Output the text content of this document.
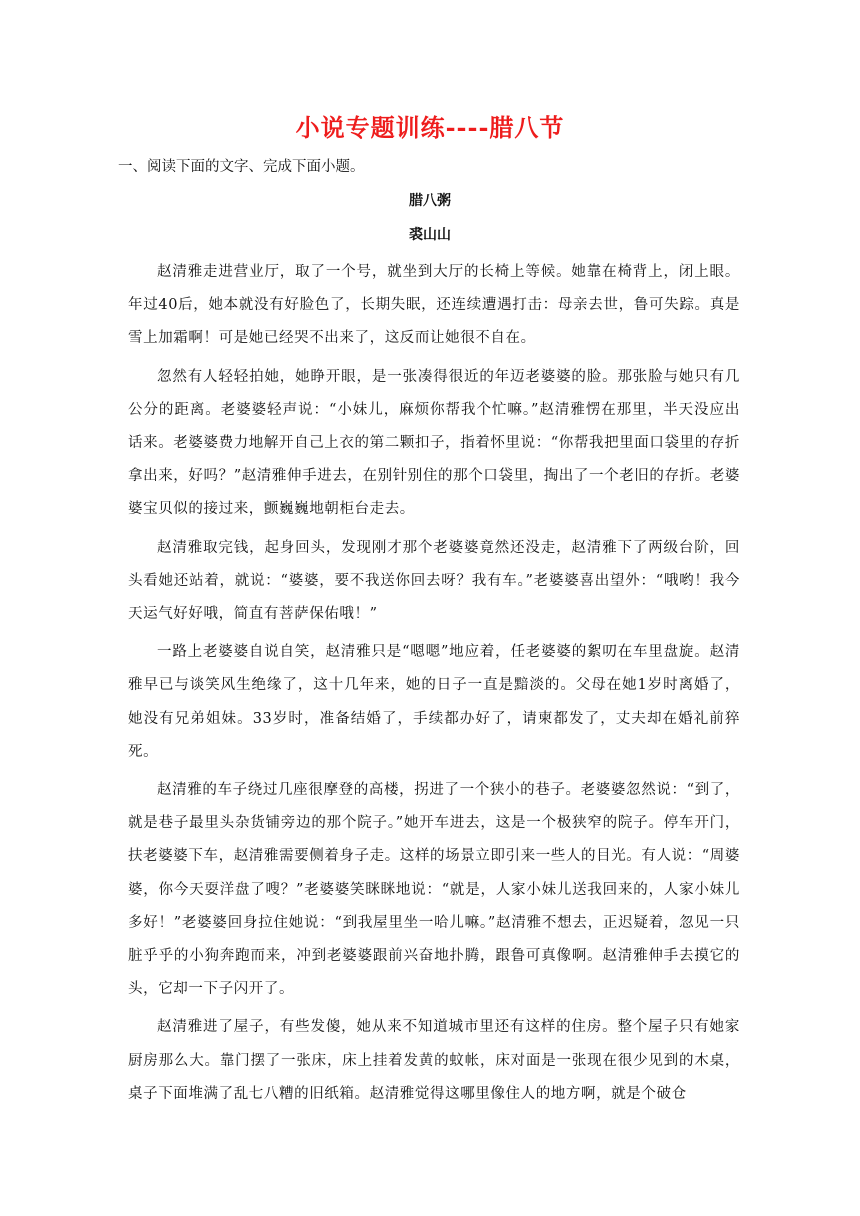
小说专题训练----腊八节
一、阅读下面的文字、完成下面小题。
腊八粥
裘山山

赵清雅走进营业厅，取了一个号，就坐到大厅的长椅上等候。她靠在椅背上，闭上眼。年过40后，她本就没有好脸色了，长期失眠，还连续遭遇打击：母亲去世，鲁可失踪。真是雪上加霜啊！可是她已经哭不出来了，这反而让她很不自在。

忽然有人轻轻拍她，她睁开眼，是一张凑得很近的年迈老婆婆的脸。那张脸与她只有几公分的距离。老婆婆轻声说：“小妹儿，麻烦你帮我个忙嘛。”赵清雅愣在那里，半天没应出话来。老婆婆费力地解开自己上衣的第二颗扣子，指着怀里说：“你帮我把里面口袋里的存折拿出来，好吗？”赵清雅伸手进去，在别针别住的那个口袋里，掏出了一个老旧的存折。老婆婆宝贝似的接过来，颤巍巍地朝柜台走去。

赵清雅取完钱，起身回头，发现刚才那个老婆婆竟然还没走，赵清雅下了两级台阶，回头看她还站着，就说：“婆婆，要不我送你回去呀？我有车。”老婆婆喜出望外：“哦哟！我今天运气好好哦，简直有菩萨保佑哦！”

一路上老婆婆自说自笑，赵清雅只是“嗯嗯”地应着，任老婆婆的絮叨在车里盘旋。赵清雅早已与谈笑风生绝缘了，这十几年来，她的日子一直是黯淡的。父母在她1岁时离婚了，她没有兄弟姐妹。33岁时，准备结婚了，手续都办好了，请柬都发了，丈夫却在婚礼前猝死。

赵清雅的车子绕过几座很摩登的高楼，拐进了一个狭小的巷子。老婆婆忽然说：“到了，就是巷子最里头杂货铺旁边的那个院子。”她开车进去，这是一个极狭窄的院子。停车开门，扶老婆婆下车，赵清雅需要侧着身子走。这样的场景立即引来一些人的目光。有人说：“周婆婆，你今天耍洋盘了嗖？”老婆婆笑眯眯地说：“就是，人家小妹儿送我回来的，人家小妹儿多好！”老婆婆回身拉住她说：“到我屋里坐一哈儿嘛。”赵清雅不想去，正迟疑着，忽见一只脏乎乎的小狗奔跑而来，冲到老婆婆跟前兴奋地扑腾，跟鲁可真像啊。赵清雅伸手去摸它的头，它却一下子闪开了。

赵清雅进了屋子，有些发傻，她从来不知道城市里还有这样的住房。整个屋子只有她家厨房那么大。靠门摆了一张床，床上挂着发黄的蚊帐，床对面是一张现在很少见到的木桌，桌子下面堆满了乱七八糟的旧纸箱。赵清雅觉得这哪里像住人的地方啊，就是个破仓
